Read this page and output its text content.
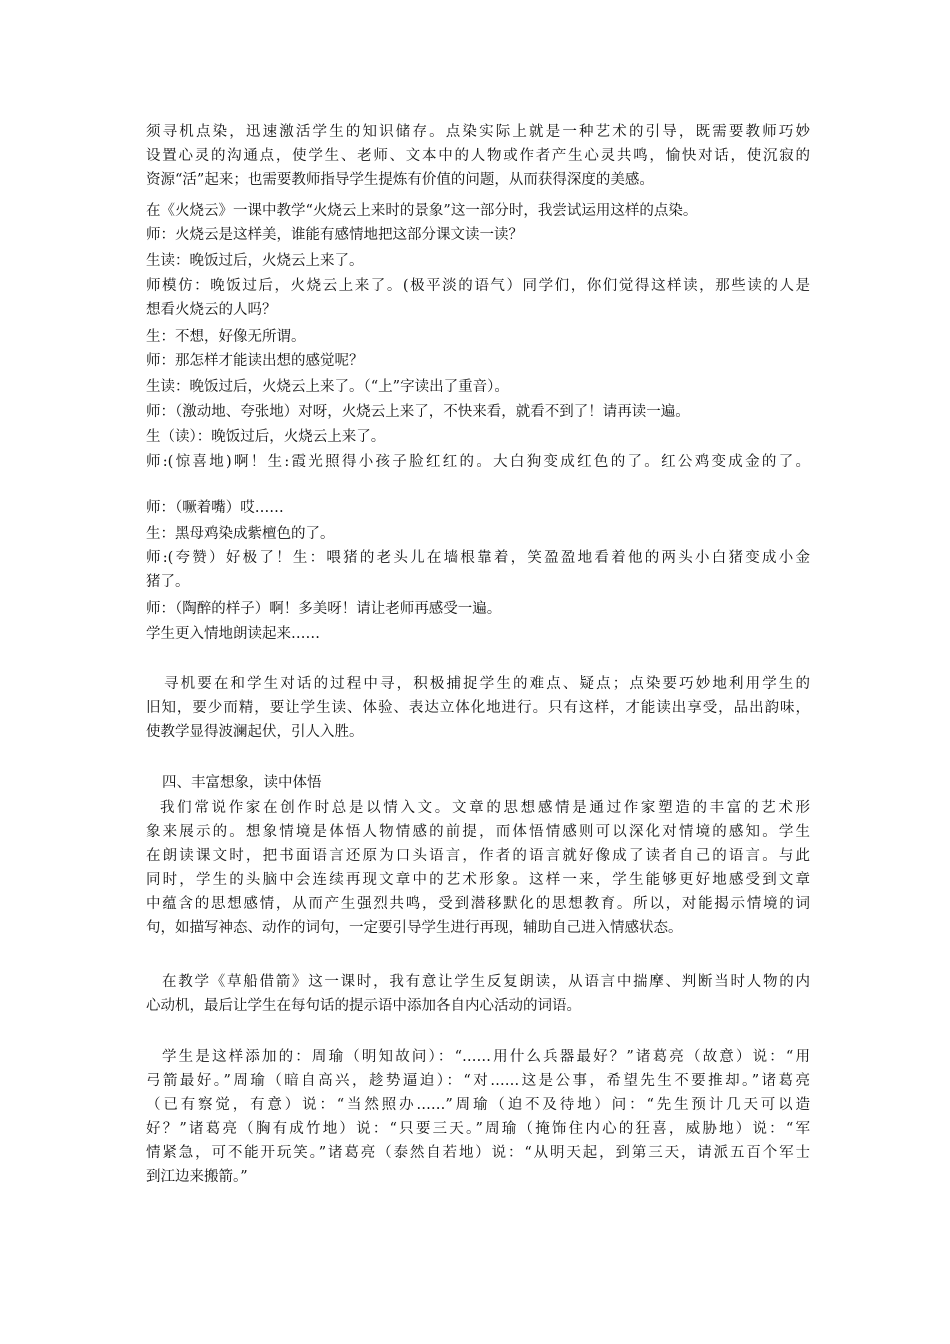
须寻机点染，迅速激活学生的知识储存。点染实际上就是一种艺术的引导，既需要教师巧妙
设置心灵的沟通点，使学生、老师、文本中的人物或作者产生心灵共鸣，愉快对话，使沉寂的
资源“活”起来；也需要教师指导学生提炼有价值的问题，从而获得深度的美感。
在《火烧云》一课中教学“火烧云上来时的景象”这一部分时，我尝试运用这样的点染。
师：火烧云是这样美，谁能有感情地把这部分课文读一读？
生读：晚饭过后，火烧云上来了。
师模仿：晚饭过后，火烧云上来了。(极平淡的语气）同学们，你们觉得这样读，那些读的人是
想看火烧云的人吗？
生：不想，好像无所谓。
师：那怎样才能读出想的感觉呢？
生读：晚饭过后，火烧云上来了。（“上”字读出了重音）。
师：（激动地、夸张地）对呀，火烧云上来了，不快来看，就看不到了！请再读一遍。
生（读）：晚饭过后，火烧云上来了。
师:(惊喜地)啊！生:霞光照得小孩子脸红红的。大白狗变成红色的了。红公鸡变成金的了。
师：（噘着嘴）哎……
生：黑母鸡染成紫檀色的了。
师:(夸赞）好极了！生：喂猪的老头儿在墙根靠着，笑盈盈地看着他的两头小白猪变成小金
猪了。
师：（陶醉的样子）啊！多美呀！请让老师再感受一遍。
学生更入情地朗读起来……
寻机要在和学生对话的过程中寻，积极捕捉学生的难点、疑点；点染要巧妙地利用学生的
旧知，要少而精，要让学生读、体验、表达立体化地进行。只有这样，才能读出享受，品出韵味，
使教学显得波澜起伏，引人入胜。
四、丰富想象，读中体悟
我们常说作家在创作时总是以情入文。文章的思想感情是通过作家塑造的丰富的艺术形
象来展示的。想象情境是体悟人物情感的前提，而体悟情感则可以深化对情境的感知。学生
在朗读课文时，把书面语言还原为口头语言，作者的语言就好像成了读者自己的语言。与此
同时，学生的头脑中会连续再现文章中的艺术形象。这样一来，学生能够更好地感受到文章
中蕴含的思想感情，从而产生强烈共鸣，受到潜移默化的思想教育。所以，对能揭示情境的词
句，如描写神态、动作的词句，一定要引导学生进行再现，辅助自己进入情感状态。
在教学《草船借箭》这一课时，我有意让学生反复朗读，从语言中揣摩、判断当时人物的内
心动机，最后让学生在每句话的提示语中添加各自内心活动的词语。
学生是这样添加的：周瑜（明知故问）：“……用什么兵器最好？”诸葛亮（故意）说：“用
弓箭最好。”周瑜（暗自高兴，趁势逼迫）：“对……这是公事，希望先生不要推却。”诸葛亮
（已有察觉，有意）说：“当然照办……”周瑜（迫不及待地）问：“先生预计几天可以造
好？”诸葛亮（胸有成竹地）说：“只要三天。”周瑜（掩饰住内心的狂喜，威胁地）说：“军
情紧急，可不能开玩笑。”诸葛亮（泰然自若地）说：“从明天起，到第三天，请派五百个军士
到江边来搬箭。”
